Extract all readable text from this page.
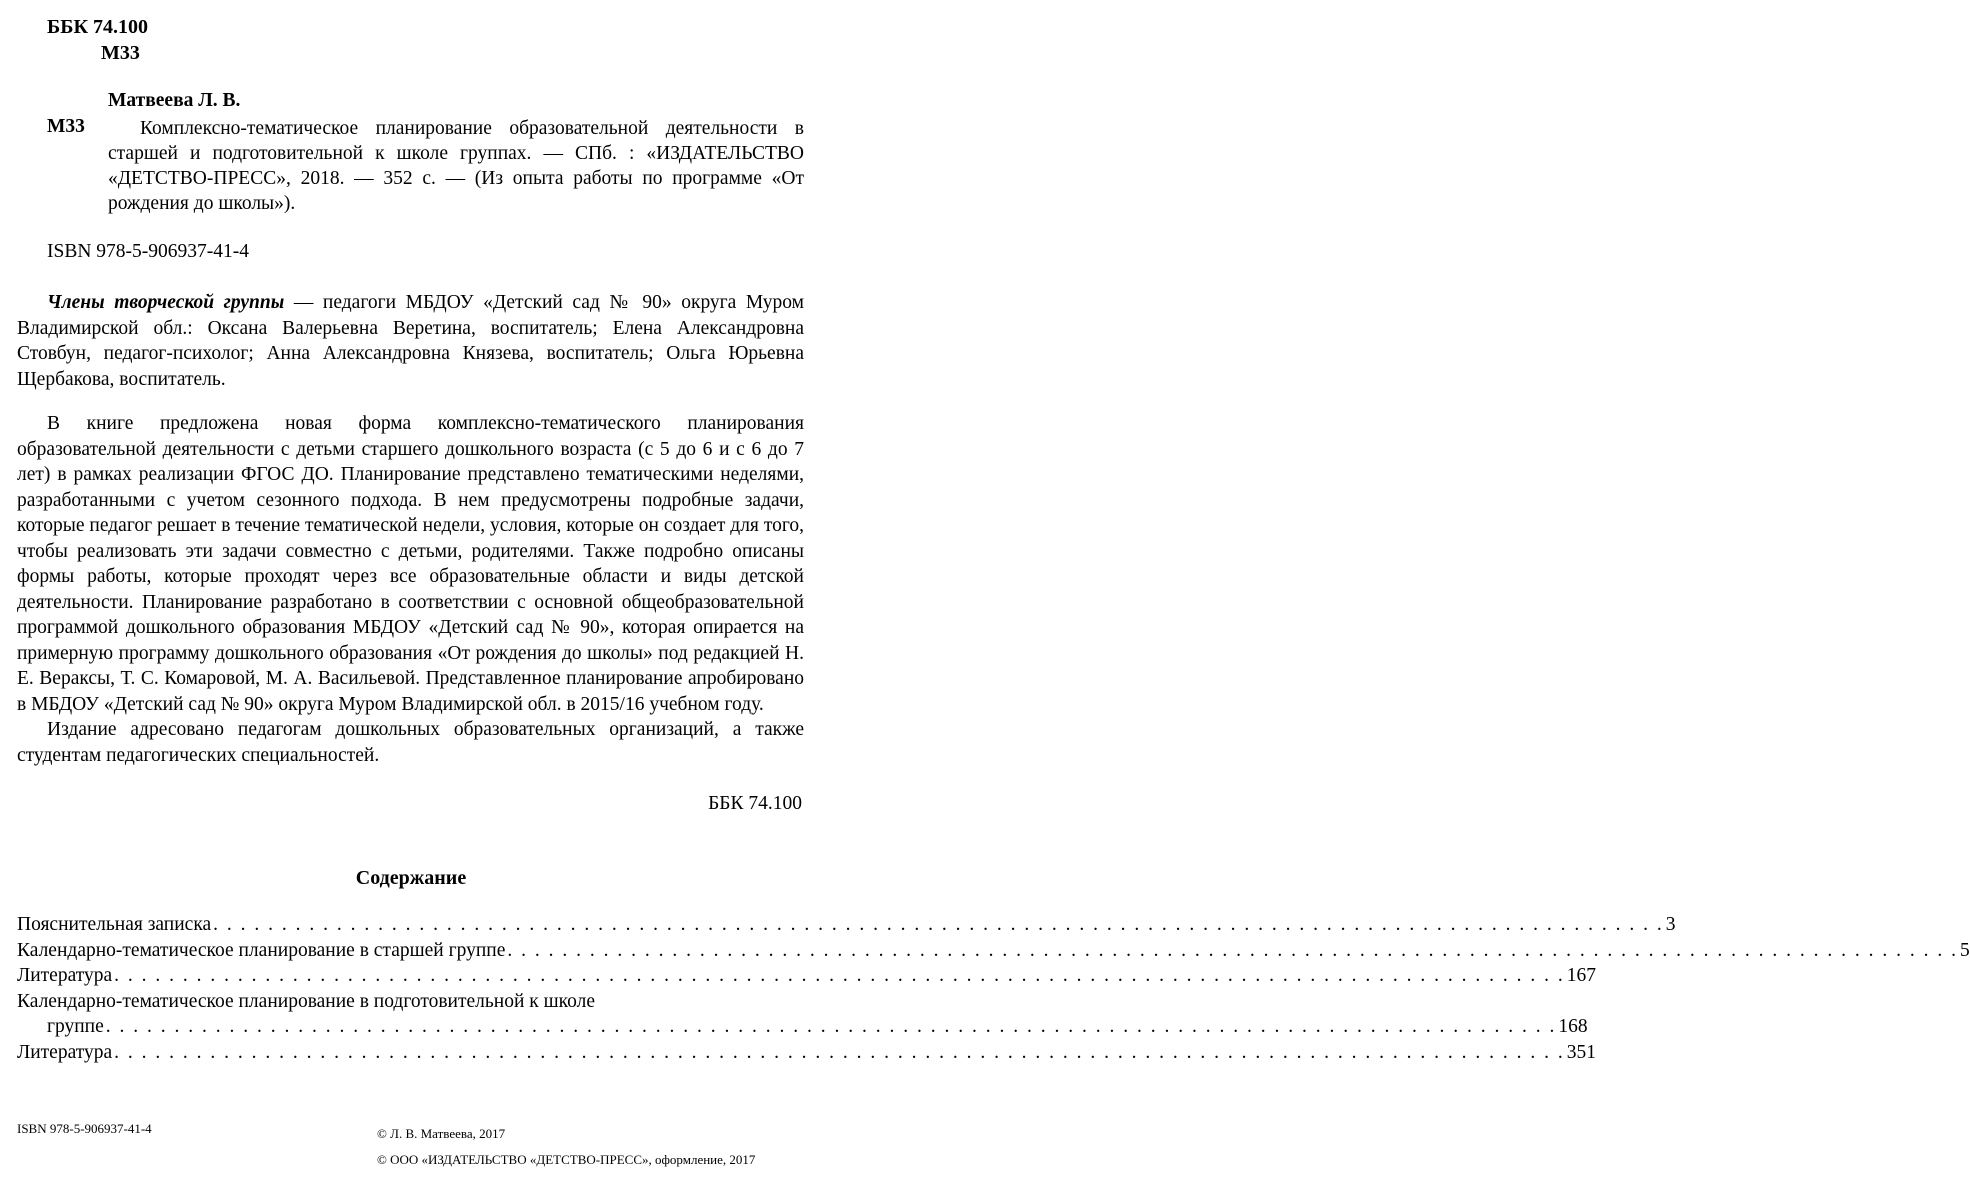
ББК 74.100
М33
Матвеева Л. В.
М33	Комплексно-тематическое планирование образовательной деятельности в старшей и подготовительной к школе группах. — СПб. : «ИЗДАТЕЛЬСТВО «ДЕТСТВО-ПРЕСС», 2018. — 352 с. — (Из опыта работы по программе «От рождения до школы»).

ISBN 978-5-906937-41-4

Члены творческой группы — педагоги МБДОУ «Детский сад № 90» округа Муром Владимирской обл.: Оксана Валерьевна Веретина, воспитатель; Елена Александровна Стовбун, педагог-психолог; Анна Александровна Князева, воспитатель; Ольга Юрьевна Щербакова, воспитатель.

В книге предложена новая форма комплексно-тематического планирования образовательной деятельности с детьми старшего дошкольного возраста (с 5 до 6 и с 6 до 7 лет) в рамках реализации ФГОС ДО. Планирование представлено тематическими неделями, разработанными с учетом сезонного подхода. В нем предусмотрены подробные задачи, которые педагог решает в течение тематической недели, условия, которые он создает для того, чтобы реализовать эти задачи совместно с детьми, родителями. Также подробно описаны формы работы, которые проходят через все образовательные области и виды детской деятельности. Планирование разработано в соответствии с основной общеобразовательной программой дошкольного образования МБДОУ «Детский сад № 90», которая опирается на примерную программу дошкольного образования «От рождения до школы» под редакцией Н. Е. Вераксы, Т. С. Комаровой, М. А. Васильевой. Представленное планирование апробировано в МБДОУ «Детский сад № 90» округа Муром Владимирской обл. в 2015/16 учебном году.

Издание адресовано педагогам дошкольных образовательных организаций, а также студентам педагогических специальностей.

ББК 74.100
Содержание
Пояснительная записка . . . . . . . . . . . . . . . . . . . . . . . . . . . . . . . . . . . . . . . . . . . . . . . . . . . . . . . . . . . . . . . . . . . . . . . . . . . . . . . . . . . . . . . . . . . . . . . . . . . . . . . . . . 3
Календарно-тематическое планирование в старшей группе . . . . . . . . . . . . . . . . . . . . . . . . . . . . . . . . . . . . . . . . . . . . . . . . . . . . . . . . . . . . . . . . . . . . . . . . . . . . . . . . . . . . . . . . . . . . . . . . . . . . . . . . . . 5
Литература . . . . . . . . . . . . . . . . . . . . . . . . . . . . . . . . . . . . . . . . . . . . . . . . . . . . . . . . . . . . . . . . . . . . . . . . . . . . . . . . . . . . . . . . . . . . . . . . . . . . . . . . . . 167
Календарно-тематическое планирование в подготовительной к школе
группе . . . . . . . . . . . . . . . . . . . . . . . . . . . . . . . . . . . . . . . . . . . . . . . . . . . . . . . . . . . . . . . . . . . . . . . . . . . . . . . . . . . . . . . . . . . . . . . . . . . . . . . . . . 168
Литература . . . . . . . . . . . . . . . . . . . . . . . . . . . . . . . . . . . . . . . . . . . . . . . . . . . . . . . . . . . . . . . . . . . . . . . . . . . . . . . . . . . . . . . . . . . . . . . . . . . . . . . . . . 351
ISBN 978-5-906937-41-4	© Л. В. Матвеева, 2017
© ООО «ИЗДАТЕЛЬСТВО «ДЕТСТВО-ПРЕСС», оформление, 2017
